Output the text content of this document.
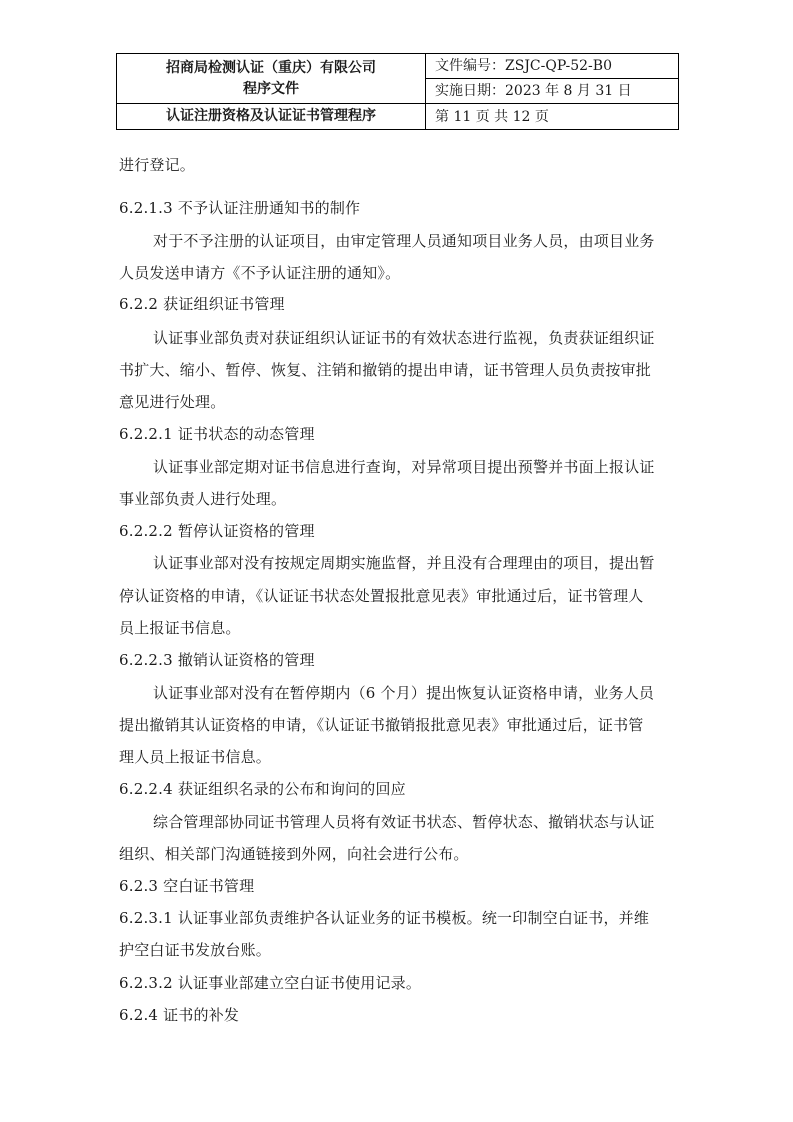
招商局检测认证（重庆）有限公司
程序文件	文件编号：ZSJC-QP-52-B0
	实施日期：2023 年 8 月 31 日
认证注册资格及认证证书管理程序	第 11 页 共 12 页
进行登记。
6.2.1.3 不予认证注册通知书的制作
对于不予注册的认证项目，由审定管理人员通知项目业务人员，由项目业务
人员发送申请方《不予认证注册的通知》。
6.2.2 获证组织证书管理
认证事业部负责对获证组织认证证书的有效状态进行监视，负责获证组织证
书扩大、缩小、暂停、恢复、注销和撤销的提出申请，证书管理人员负责按审批
意见进行处理。
6.2.2.1 证书状态的动态管理
认证事业部定期对证书信息进行查询，对异常项目提出预警并书面上报认证
事业部负责人进行处理。
6.2.2.2 暂停认证资格的管理
认证事业部对没有按规定周期实施监督，并且没有合理理由的项目，提出暂
停认证资格的申请，《认证证书状态处置报批意见表》审批通过后，证书管理人
员上报证书信息。
6.2.2.3 撤销认证资格的管理
认证事业部对没有在暂停期内（6 个月）提出恢复认证资格申请，业务人员
提出撤销其认证资格的申请，《认证证书撤销报批意见表》审批通过后，证书管
理人员上报证书信息。
6.2.2.4 获证组织名录的公布和询问的回应
综合管理部协同证书管理人员将有效证书状态、暂停状态、撤销状态与认证
组织、相关部门沟通链接到外网，向社会进行公布。
6.2.3 空白证书管理
6.2.3.1 认证事业部负责维护各认证业务的证书模板。统一印制空白证书，并维
护空白证书发放台账。
6.2.3.2 认证事业部建立空白证书使用记录。
6.2.4 证书的补发
